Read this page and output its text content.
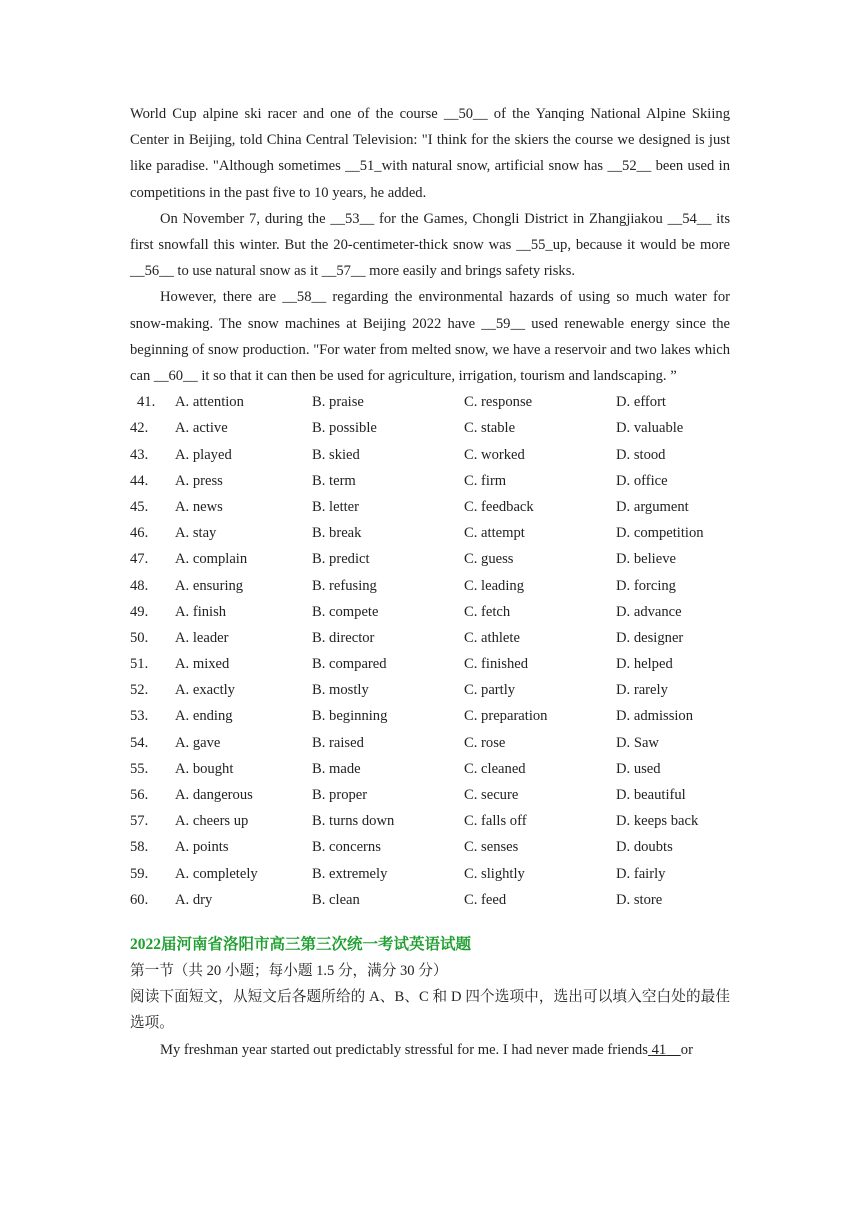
World Cup alpine ski racer and one of the course __50__ of the Yanqing National Alpine Skiing Center in Beijing, told China Central Television: "I think for the skiers the course we designed is just like paradise. "Although sometimes __51_with natural snow, artificial snow has __52__ been used in competitions in the past five to 10 years, he added.

On November 7, during the __53__ for the Games, Chongli District in Zhangjiakou __54__ its first snowfall this winter. But the 20-centimeter-thick snow was __55_up, because it would be more __56__ to use natural snow as it __57__ more easily and brings safety risks.

However, there are __58__ regarding the environmental hazards of using so much water for snow-making. The snow machines at Beijing 2022 have __59__ used renewable energy since the beginning of snow production. "For water from melted snow, we have a reservoir and two lakes which can __60__ it so that it can then be used for agriculture, irrigation, tourism and landscaping. ”

41.	A. attention	B. praise	C. response	D. effort
42.	A. active	B. possible	C. stable	D. valuable
43.	A. played	B. skied	C. worked	D. stood
44.	A. press	B. term	C. firm	D. office
45.	A. news	B. letter	C. feedback	D. argument
46.	A. stay	B. break	C. attempt	D. competition
47.	A. complain	B. predict	C. guess	D. believe
48.	A. ensuring	B. refusing	C. leading	D. forcing
49.	A. finish	B. compete	C. fetch	D. advance
50.	A. leader	B. director	C. athlete	D. designer
51.	A. mixed	B. compared	C. finished	D. helped
52.	A. exactly	B. mostly	C. partly	D. rarely
53.	A. ending	B. beginning	C. preparation	D. admission
54.	A. gave	B. raised	C. rose	D. Saw
55.	A. bought	B. made	C. cleaned	D. used
56.	A. dangerous	B. proper	C. secure	D. beautiful
57.	A. cheers up	B. turns down	C. falls off	D. keeps back
58.	A. points	B. concerns	C. senses	D. doubts
59.	A. completely	B. extremely	C. slightly	D. fairly
60.	A. dry	B. clean	C. feed	D. store
2022届河南省洛阳市高三第三次统一考试英语试题

第一节（共 20 小题；每小题 1.5 分，满分 30 分）

阅读下面短文，从短文后各题所给的 A、B、C 和 D 四个选项中，选出可以填入空白处的最佳选项。

My freshman year started out predictably stressful for me. I had never made friends 41 or
